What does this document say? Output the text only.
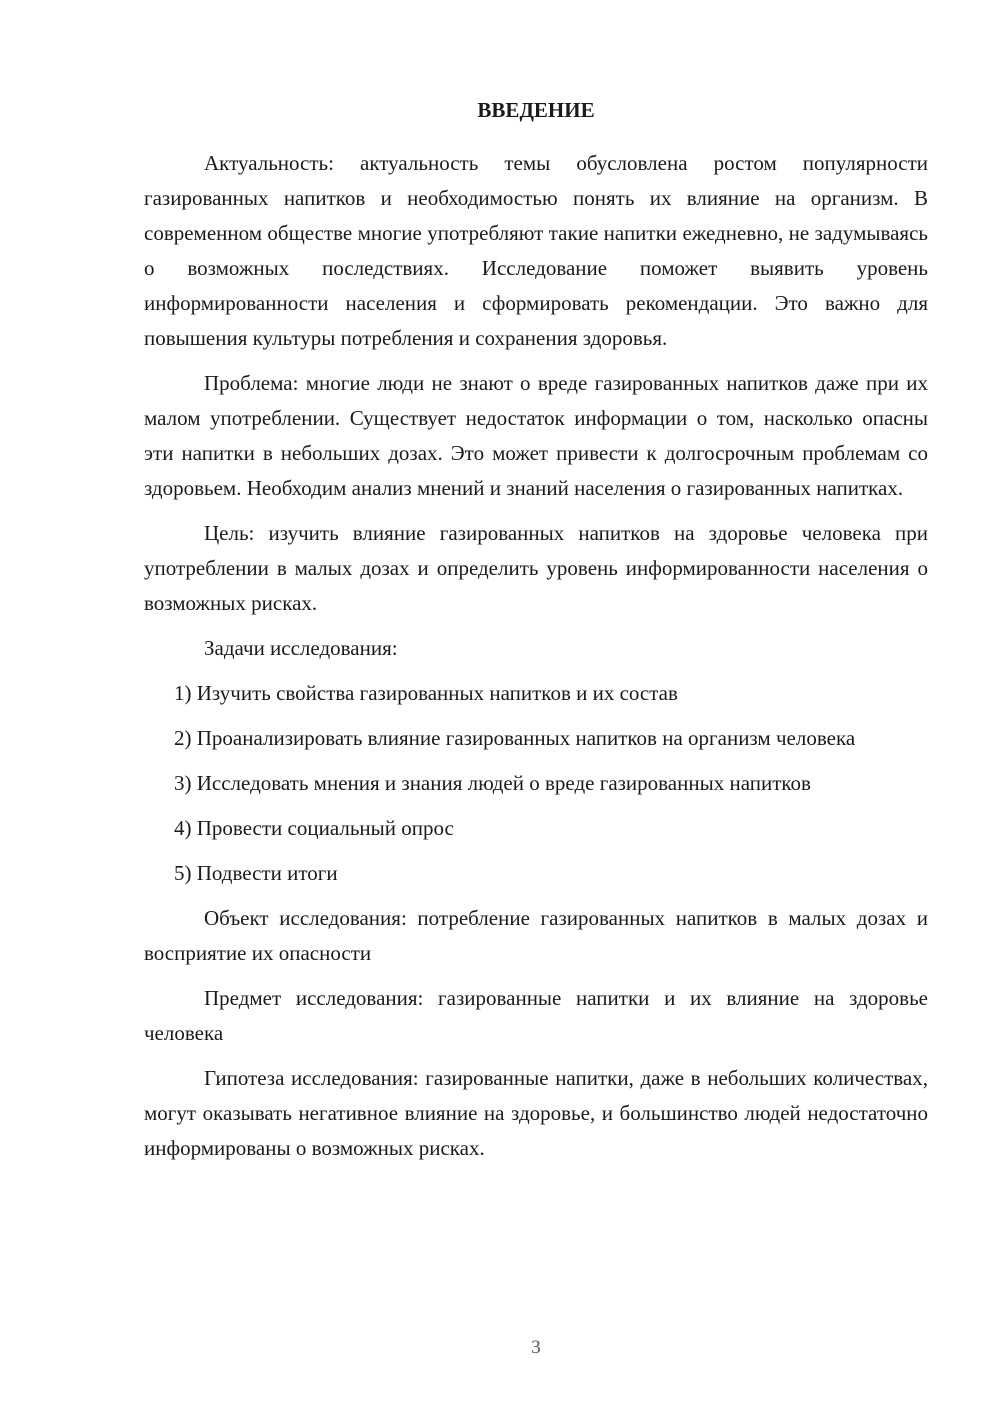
ВВЕДЕНИЕ

Актуальность: актуальность темы обусловлена ростом популярности газированных напитков и необходимостью понять их влияние на организм. В современном обществе многие употребляют такие напитки ежедневно, не задумываясь о возможных последствиях. Исследование поможет выявить уровень информированности населения и сформировать рекомендации. Это важно для повышения культуры потребления и сохранения здоровья.

Проблема: многие люди не знают о вреде газированных напитков даже при их малом употреблении. Существует недостаток информации о том, насколько опасны эти напитки в небольших дозах. Это может привести к долгосрочным проблемам со здоровьем. Необходим анализ мнений и знаний населения о газированных напитках.

Цель: изучить влияние газированных напитков на здоровье человека при употреблении в малых дозах и определить уровень информированности населения о возможных рисках.

Задачи исследования:

1) Изучить свойства газированных напитков и их состав

2) Проанализировать влияние газированных напитков на организм человека

3) Исследовать мнения и знания людей о вреде газированных напитков

4) Провести социальный опрос

5) Подвести итоги

Объект исследования: потребление газированных напитков в малых дозах и восприятие их опасности

Предмет исследования: газированные напитки и их влияние на здоровье человека

Гипотеза исследования: газированные напитки, даже в небольших количествах, могут оказывать негативное влияние на здоровье, и большинство людей недостаточно информированы о возможных рисках.

3
